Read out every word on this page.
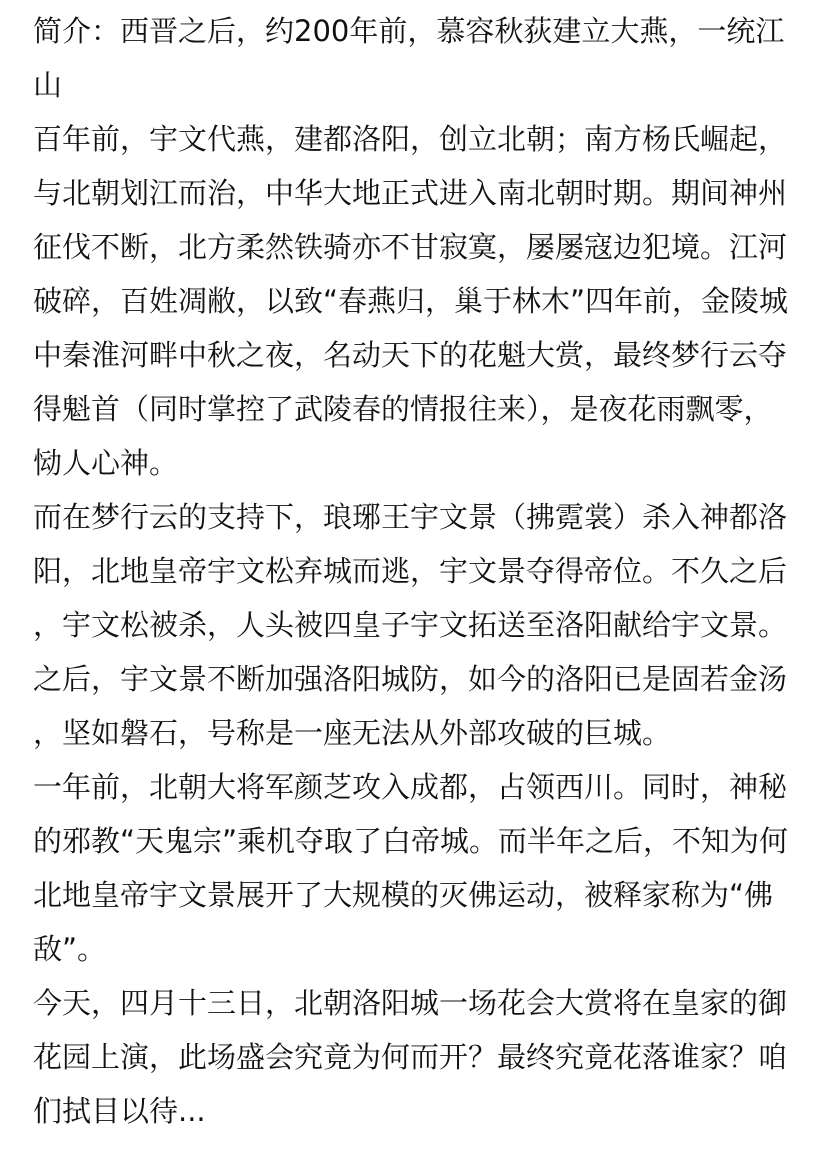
简介：西晋之后，约200年前，慕容秋荻建立大燕，一统江山

百年前，宇文代燕，建都洛阳，创立北朝；南方杨氏崛起，与北朝划江而治，中华大地正式进入南北朝时期。期间神州征伐不断，北方柔然铁骑亦不甘寂寞，屡屡寇边犯境。江河破碎，百姓凋敝，以致“春燕归，巢于林木”四年前，金陵城中秦淮河畔中秋之夜，名动天下的花魁大赏，最终梦行云夺得魁首（同时掌控了武陵春的情报往来），是夜花雨飘零，恸人心神。

而在梦行云的支持下，琅琊王宇文景（拂霓裳）杀入神都洛阳，北地皇帝宇文松弃城而逃，宇文景夺得帝位。不久之后，宇文松被杀，人头被四皇子宇文拓送至洛阳献给宇文景。之后，宇文景不断加强洛阳城防，如今的洛阳已是固若金汤，坚如磐石，号称是一座无法从外部攻破的巨城。

一年前，北朝大将军颜芝攻入成都，占领西川。同时，神秘的邪教“天鬼宗”乘机夺取了白帝城。而半年之后，不知为何北地皇帝宇文景展开了大规模的灭佛运动，被释家称为“佛敌”。

今天，四月十三日，北朝洛阳城一场花会大赏将在皇家的御花园上演，此场盛会究竟为何而开？最终究竟花落谁家？咱们拭目以待...
